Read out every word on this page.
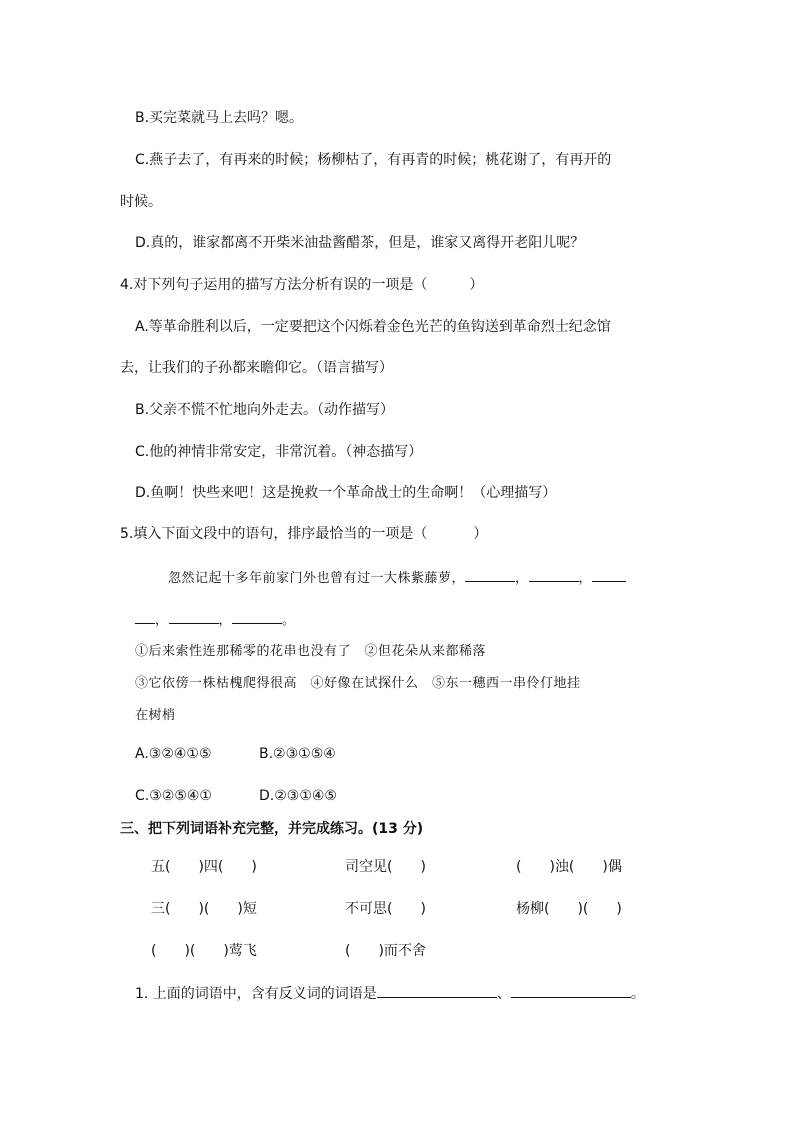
B.买完菜就马上去吗？嗯。
C.燕子去了，有再来的时候；杨柳枯了，有再青的时候；桃花谢了，有再开的
时候。
D.真的，谁家都离不开柴米油盐酱醋茶，但是，谁家又离得开老阳儿呢？
4.对下列句子运用的描写方法分析有误的一项是（	）
A.等革命胜利以后，一定要把这个闪烁着金色光芒的鱼钩送到革命烈士纪念馆
去，让我们的子孙都来瞻仰它。（语言描写）
B.父亲不慌不忙地向外走去。（动作描写）
C.他的神情非常安定，非常沉着。（神态描写）
D.鱼啊！快些来吧！这是挽救一个革命战士的生命啊！（心理描写）
5.填入下面文段中的语句，排序最恰当的一项是（	）
忽然记起十多年前家门外也曾有过一大株紫藤萝，	，	，
，	，	。
①后来索性连那稀零的花串也没有了　②但花朵从来都稀落
③它依傍一株枯槐爬得很高　④好像在试探什么　⑤东一穗西一串伶仃地挂
在树梢
A.③②④①⑤	B.②③①⑤④
C.③②⑤④①	D.②③①④⑤
三、把下列词语补充完整，并完成练习。(13 分)
五(　　)四(　　)	司空见(　　)	(　　)浊(　　)偶
三(　　)(　　)短	不可思(　　)	杨柳(　　)(　　)
(　　)(　　)莺飞	(　　)而不舍
1. 上面的词语中，含有反义词的词语是	、	。
